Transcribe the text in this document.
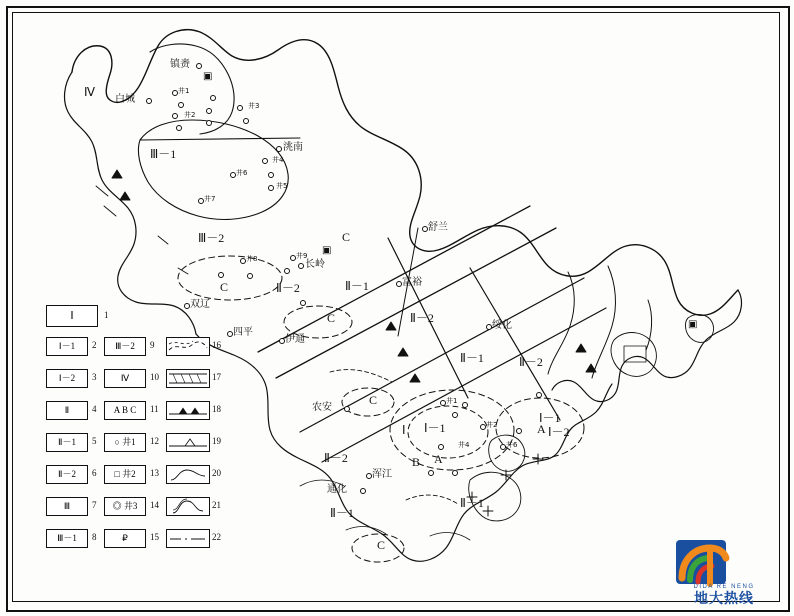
Ⅳ
Ⅲ－1
Ⅲ－2
Ⅱ－2	Ⅱ－1
Ⅱ－2
Ⅱ－1	Ⅱ－2
Ⅰ－1	Ⅰ－2
Ⅰ－1
Ⅱ－2
Ⅱ－1
Ⅱ－1
Ⅰ
C
C
C
C
C
A
B
A
白城
镇赉
洮南
长岭
双辽
四平
伊通
富裕
舒兰
绥化
农安
通化
浑江
井1
井2
井3
井4
井5
井6
井7
井8	井9
井1
井4	井6
井2
▣
▣
▣
Ⅰ	1
Ⅰ－1	2	Ⅲ－2	9	16
Ⅰ－2	3	Ⅳ	10	17
Ⅱ	4	A B C	11	18
Ⅱ－1	5	○ 井1	12	19
Ⅱ－2	6	□ 井2	13	20
Ⅲ	7	◎ 井3	14	21
Ⅲ－1	8	₽	15	22
DIDA RE NENG
地大热线
